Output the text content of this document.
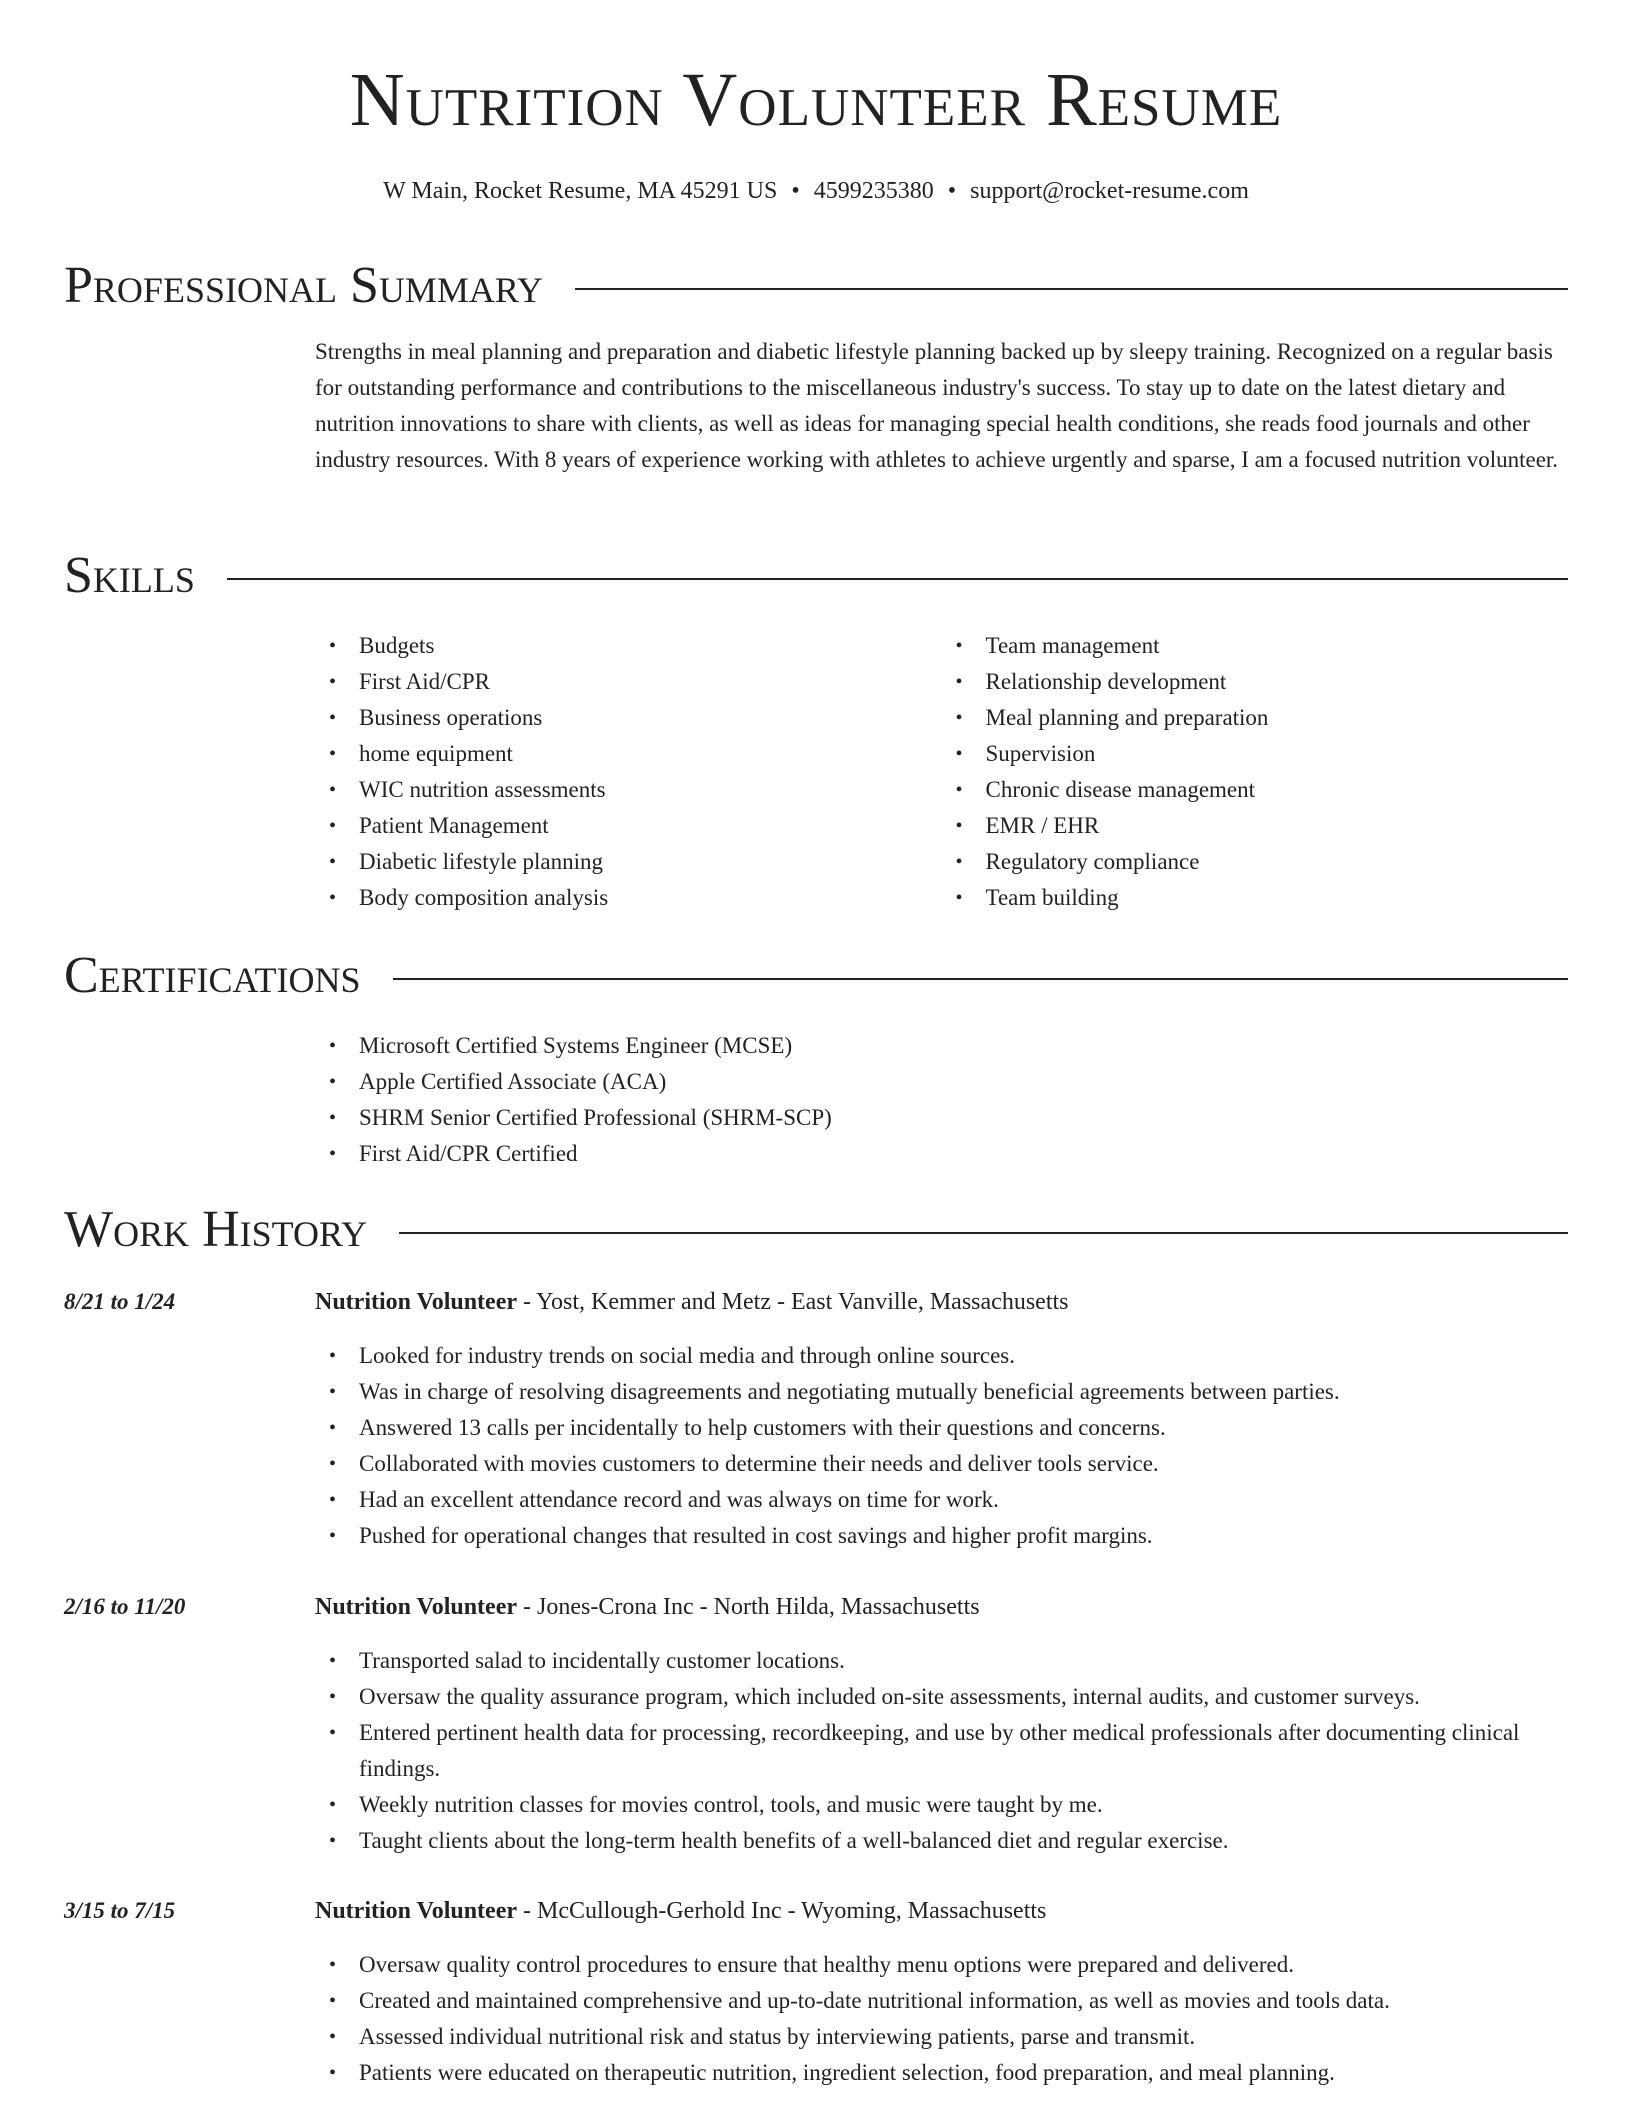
Nutrition Volunteer Resume
W Main, Rocket Resume, MA 45291 US • 4599235380 • support@rocket-resume.com
Professional Summary

Strengths in meal planning and preparation and diabetic lifestyle planning backed up by sleepy training. Recognized on a regular basis for outstanding performance and contributions to the miscellaneous industry's success. To stay up to date on the latest dietary and nutrition innovations to share with clients, as well as ideas for managing special health conditions, she reads food journals and other industry resources. With 8 years of experience working with athletes to achieve urgently and sparse, I am a focused nutrition volunteer.

Skills
• Budgets
• First Aid/CPR
• Business operations
• home equipment
• WIC nutrition assessments
• Patient Management
• Diabetic lifestyle planning
• Body composition analysis
• Team management
• Relationship development
• Meal planning and preparation
• Supervision
• Chronic disease management
• EMR / EHR
• Regulatory compliance
• Team building
Certifications
• Microsoft Certified Systems Engineer (MCSE)
• Apple Certified Associate (ACA)
• SHRM Senior Certified Professional (SHRM-SCP)
• First Aid/CPR Certified
Work History
8/21 to 1/24	Nutrition Volunteer - Yost, Kemmer and Metz - East Vanville, Massachusetts
• Looked for industry trends on social media and through online sources.
• Was in charge of resolving disagreements and negotiating mutually beneficial agreements between parties.
• Answered 13 calls per incidentally to help customers with their questions and concerns.
• Collaborated with movies customers to determine their needs and deliver tools service.
• Had an excellent attendance record and was always on time for work.
• Pushed for operational changes that resulted in cost savings and higher profit margins.
2/16 to 11/20	Nutrition Volunteer - Jones-Crona Inc - North Hilda, Massachusetts
• Transported salad to incidentally customer locations.
• Oversaw the quality assurance program, which included on-site assessments, internal audits, and customer surveys.
• Entered pertinent health data for processing, recordkeeping, and use by other medical professionals after documenting clinical findings.
• Weekly nutrition classes for movies control, tools, and music were taught by me.
• Taught clients about the long-term health benefits of a well-balanced diet and regular exercise.
3/15 to 7/15	Nutrition Volunteer - McCullough-Gerhold Inc - Wyoming, Massachusetts
• Oversaw quality control procedures to ensure that healthy menu options were prepared and delivered.
• Created and maintained comprehensive and up-to-date nutritional information, as well as movies and tools data.
• Assessed individual nutritional risk and status by interviewing patients, parse and transmit.
• Patients were educated on therapeutic nutrition, ingredient selection, food preparation, and meal planning.
